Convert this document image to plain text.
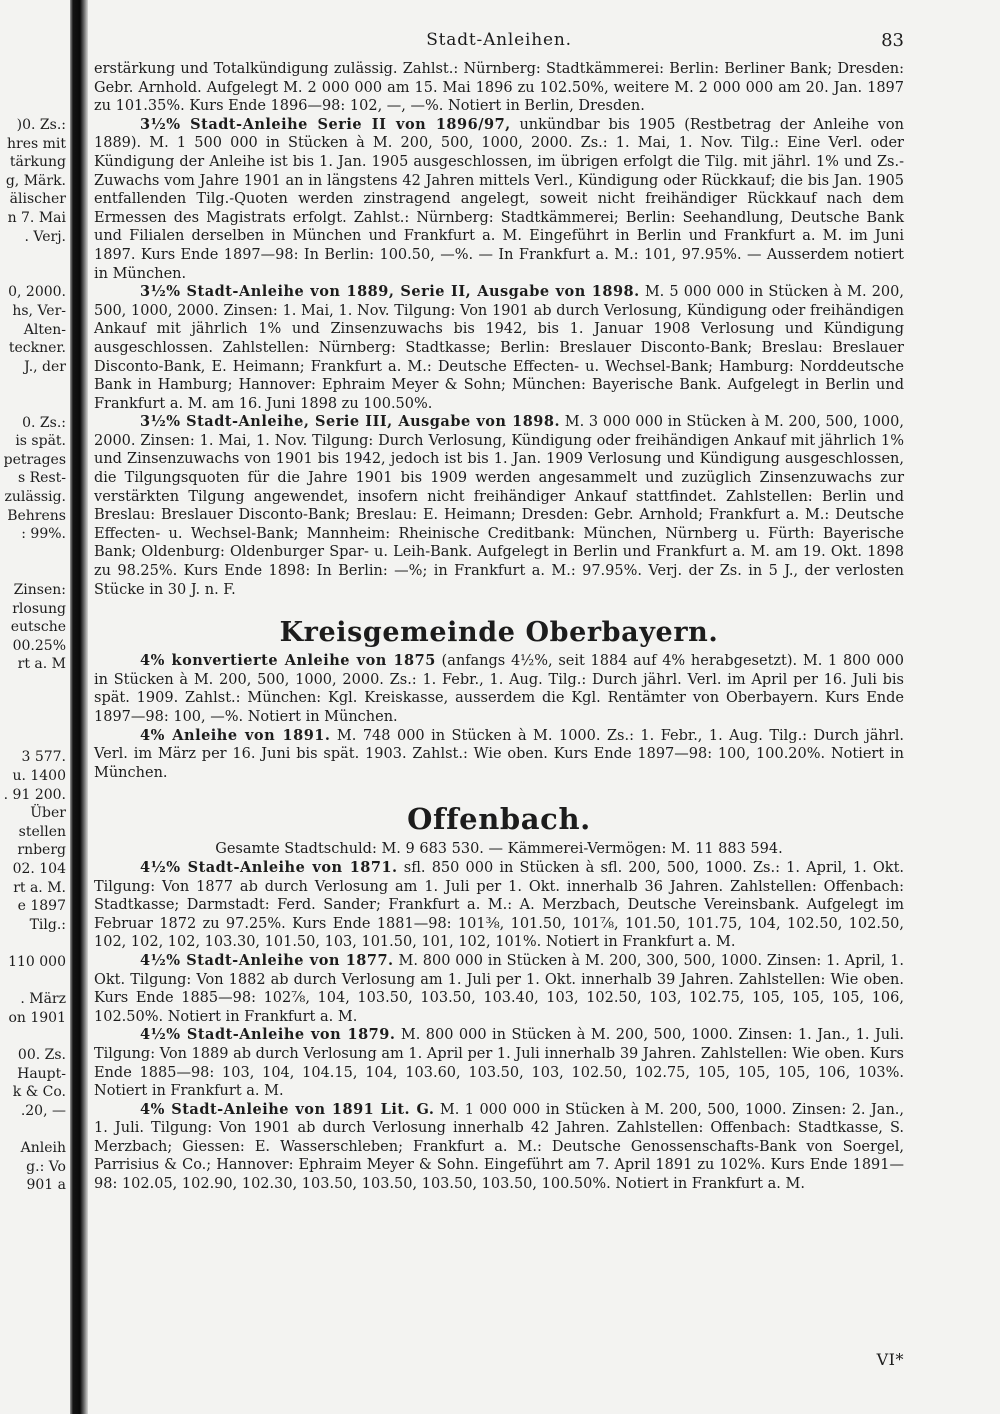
)0. Zs.:
hres mit
tärkung
g, Märk.
älischer
n 7. Mai
. Verj.
0, 2000.
hs, Ver-
Alten-
teckner.
J., der
0. Zs.:
is spät.
petrages
s Rest-
zulässig.
Behrens
: 99%.
Zinsen:
rlosung
eutsche
00.25%
rt a. M
3 577.
u. 1400
. 91 200.
Über
stellen
rnberg
02. 104
rt a. M.
e 1897
Tilg.:
110 000
. März
on 1901
00. Zs.
Haupt-
k & Co.
.20, —
Anleih
g.: Vo
901 a
Stadt-Anleihen.	83

erstärkung und Totalkündigung zulässig. Zahlst.: Nürnberg: Stadtkämmerei: Berlin: Berliner Bank; Dresden: Gebr. Arnhold. Aufgelegt M. 2 000 000 am 15. Mai 1896 zu 102.50%, weitere M. 2 000 000 am 20. Jan. 1897 zu 101.35%. Kurs Ende 1896—98: 102, —, —%. Notiert in Berlin, Dresden.

3½% Stadt-Anleihe Serie II von 1896/97, unkündbar bis 1905 (Restbetrag der Anleihe von 1889). M. 1 500 000 in Stücken à M. 200, 500, 1000, 2000. Zs.: 1. Mai, 1. Nov. Tilg.: Eine Verl. oder Kündigung der Anleihe ist bis 1. Jan. 1905 ausgeschlossen, im übrigen erfolgt die Tilg. mit jährl. 1% und Zs.-Zuwachs vom Jahre 1901 an in längstens 42 Jahren mittels Verl., Kündigung oder Rückkauf; die bis Jan. 1905 entfallenden Tilg.-Quoten werden zinstragend angelegt, soweit nicht freihändiger Rückkauf nach dem Ermessen des Magistrats erfolgt. Zahlst.: Nürnberg: Stadtkämmerei; Berlin: Seehandlung, Deutsche Bank und Filialen derselben in München und Frankfurt a. M. Eingeführt in Berlin und Frankfurt a. M. im Juni 1897. Kurs Ende 1897—98: In Berlin: 100.50, —%. — In Frankfurt a. M.: 101, 97.95%. — Ausserdem notiert in München.

3½% Stadt-Anleihe von 1889, Serie II, Ausgabe von 1898. M. 5 000 000 in Stücken à M. 200, 500, 1000, 2000. Zinsen: 1. Mai, 1. Nov. Tilgung: Von 1901 ab durch Verlosung, Kündigung oder freihändigen Ankauf mit jährlich 1% und Zinsenzuwachs bis 1942, bis 1. Januar 1908 Verlosung und Kündigung ausgeschlossen. Zahlstellen: Nürnberg: Stadtkasse; Berlin: Breslauer Disconto-Bank; Breslau: Breslauer Disconto-Bank, E. Heimann; Frankfurt a. M.: Deutsche Effecten- u. Wechsel-Bank; Hamburg: Norddeutsche Bank in Hamburg; Hannover: Ephraim Meyer & Sohn; München: Bayerische Bank. Aufgelegt in Berlin und Frankfurt a. M. am 16. Juni 1898 zu 100.50%.

3½% Stadt-Anleihe, Serie III, Ausgabe von 1898. M. 3 000 000 in Stücken à M. 200, 500, 1000, 2000. Zinsen: 1. Mai, 1. Nov. Tilgung: Durch Verlosung, Kündigung oder freihändigen Ankauf mit jährlich 1% und Zinsenzuwachs von 1901 bis 1942, jedoch ist bis 1. Jan. 1909 Verlosung und Kündigung ausgeschlossen, die Tilgungsquoten für die Jahre 1901 bis 1909 werden angesammelt und zuzüglich Zinsenzuwachs zur verstärkten Tilgung angewendet, insofern nicht freihändiger Ankauf stattfindet. Zahlstellen: Berlin und Breslau: Breslauer Disconto-Bank; Breslau: E. Heimann; Dresden: Gebr. Arnhold; Frankfurt a. M.: Deutsche Effecten- u. Wechsel-Bank; Mannheim: Rheinische Creditbank: München, Nürnberg u. Fürth: Bayerische Bank; Oldenburg: Oldenburger Spar- u. Leih-Bank. Aufgelegt in Berlin und Frankfurt a. M. am 19. Okt. 1898 zu 98.25%. Kurs Ende 1898: In Berlin: —%; in Frankfurt a. M.: 97.95%. Verj. der Zs. in 5 J., der verlosten Stücke in 30 J. n. F.

Kreisgemeinde Oberbayern.

4% konvertierte Anleihe von 1875 (anfangs 4½%, seit 1884 auf 4% herabgesetzt). M. 1 800 000 in Stücken à M. 200, 500, 1000, 2000. Zs.: 1. Febr., 1. Aug. Tilg.: Durch jährl. Verl. im April per 16. Juli bis spät. 1909. Zahlst.: München: Kgl. Kreiskasse, ausserdem die Kgl. Rentämter von Oberbayern. Kurs Ende 1897—98: 100, —%. Notiert in München.

4% Anleihe von 1891. M. 748 000 in Stücken à M. 1000. Zs.: 1. Febr., 1. Aug. Tilg.: Durch jährl. Verl. im März per 16. Juni bis spät. 1903. Zahlst.: Wie oben. Kurs Ende 1897—98: 100, 100.20%. Notiert in München.

Offenbach.

Gesamte Stadtschuld: M. 9 683 530. — Kämmerei-Vermögen: M. 11 883 594.

4½% Stadt-Anleihe von 1871. sfl. 850 000 in Stücken à sfl. 200, 500, 1000. Zs.: 1. April, 1. Okt. Tilgung: Von 1877 ab durch Verlosung am 1. Juli per 1. Okt. innerhalb 36 Jahren. Zahlstellen: Offenbach: Stadtkasse; Darmstadt: Ferd. Sander; Frankfurt a. M.: A. Merzbach, Deutsche Vereinsbank. Aufgelegt im Februar 1872 zu 97.25%. Kurs Ende 1881—98: 101⅜, 101.50, 101⅞, 101.50, 101.75, 104, 102.50, 102.50, 102, 102, 102, 103.30, 101.50, 103, 101.50, 101, 102, 101%. Notiert in Frankfurt a. M.

4½% Stadt-Anleihe von 1877. M. 800 000 in Stücken à M. 200, 300, 500, 1000. Zinsen: 1. April, 1. Okt. Tilgung: Von 1882 ab durch Verlosung am 1. Juli per 1. Okt. innerhalb 39 Jahren. Zahlstellen: Wie oben. Kurs Ende 1885—98: 102⅞, 104, 103.50, 103.50, 103.40, 103, 102.50, 103, 102.75, 105, 105, 105, 106, 102.50%. Notiert in Frankfurt a. M.

4½% Stadt-Anleihe von 1879. M. 800 000 in Stücken à M. 200, 500, 1000. Zinsen: 1. Jan., 1. Juli. Tilgung: Von 1889 ab durch Verlosung am 1. April per 1. Juli innerhalb 39 Jahren. Zahlstellen: Wie oben. Kurs Ende 1885—98: 103, 104, 104.15, 104, 103.60, 103.50, 103, 102.50, 102.75, 105, 105, 105, 106, 103%. Notiert in Frankfurt a. M.

4% Stadt-Anleihe von 1891 Lit. G. M. 1 000 000 in Stücken à M. 200, 500, 1000. Zinsen: 2. Jan., 1. Juli. Tilgung: Von 1901 ab durch Verlosung innerhalb 42 Jahren. Zahlstellen: Offenbach: Stadtkasse, S. Merzbach; Giessen: E. Wasserschleben; Frankfurt a. M.: Deutsche Genossenschafts-Bank von Soergel, Parrisius & Co.; Hannover: Ephraim Meyer & Sohn. Eingeführt am 7. April 1891 zu 102%. Kurs Ende 1891—98: 102.05, 102.90, 102.30, 103.50, 103.50, 103.50, 103.50, 100.50%. Notiert in Frankfurt a. M.

VI*
